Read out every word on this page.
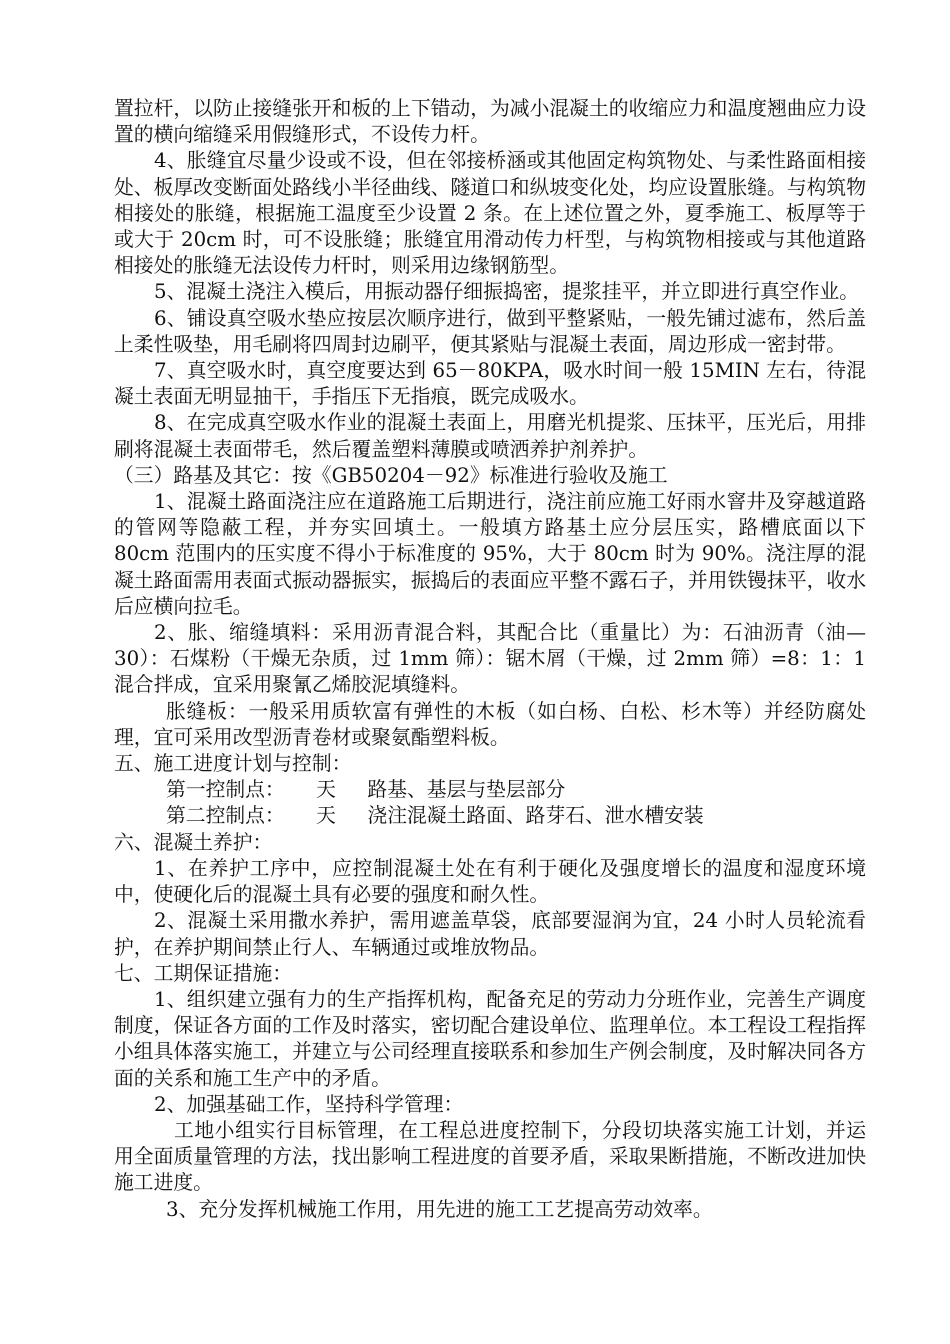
置拉杆，以防止接缝张开和板的上下错动，为减小混凝土的收缩应力和温度翘曲应力设置的横向缩缝采用假缝形式，不设传力杆。

4、胀缝宜尽量少设或不设，但在邻接桥涵或其他固定构筑物处、与柔性路面相接处、板厚改变断面处路线小半径曲线、隧道口和纵坡变化处，均应设置胀缝。与构筑物相接处的胀缝，根据施工温度至少设置 2 条。在上述位置之外，夏季施工、板厚等于或大于 20cm 时，可不设胀缝；胀缝宜用滑动传力杆型，与构筑物相接或与其他道路相接处的胀缝无法设传力杆时，则采用边缘钢筋型。

5、混凝土浇注入模后，用振动器仔细振捣密，提浆挂平，并立即进行真空作业。

6、铺设真空吸水垫应按层次顺序进行，做到平整紧贴，一般先铺过滤布，然后盖上柔性吸垫，用毛刷将四周封边刷平，便其紧贴与混凝土表面，周边形成一密封带。

7、真空吸水时，真空度要达到 65－80KPA，吸水时间一般 15MIN 左右，待混凝土表面无明显抽干，手指压下无指痕，既完成吸水。

8、在完成真空吸水作业的混凝土表面上，用磨光机提浆、压抹平，压光后，用排刷将混凝土表面带毛，然后覆盖塑料薄膜或喷洒养护剂养护。

（三）路基及其它：按《GB50204－92》标准进行验收及施工

1、混凝土路面浇注应在道路施工后期进行，浇注前应施工好雨水窨井及穿越道路的管网等隐蔽工程，并夯实回填土。一般填方路基土应分层压实，路槽底面以下 80cm 范围内的压实度不得小于标准度的 95%，大于 80cm 时为 90%。浇注厚的混凝土路面需用表面式振动器振实，振捣后的表面应平整不露石子，并用铁镘抹平，收水后应横向拉毛。

2、胀、缩缝填料：采用沥青混合料，其配合比（重量比）为：石油沥青（油—30）：石煤粉（干燥无杂质，过 1mm 筛）：锯木屑（干燥，过 2mm 筛）=8：1：1 混合拌成，宜采用聚氰乙烯胶泥填缝料。

胀缝板：一般采用质软富有弹性的木板（如白杨、白松、杉木等）并经防腐处理，宜可采用改型沥青卷材或聚氨酯塑料板。

五、施工进度计划与控制：

第一控制点： 天 路基、基层与垫层部分

第二控制点： 天 浇注混凝土路面、路芽石、泄水槽安装

六、混凝土养护：

1、在养护工序中，应控制混凝土处在有利于硬化及强度增长的温度和湿度环境中，使硬化后的混凝土具有必要的强度和耐久性。

2、混凝土采用撒水养护，需用遮盖草袋，底部要湿润为宜，24 小时人员轮流看护，在养护期间禁止行人、车辆通过或堆放物品。

七、工期保证措施：

1、组织建立强有力的生产指挥机构，配备充足的劳动力分班作业，完善生产调度制度，保证各方面的工作及时落实，密切配合建设单位、监理单位。本工程设工程指挥小组具体落实施工，并建立与公司经理直接联系和参加生产例会制度，及时解决同各方面的关系和施工生产中的矛盾。

2、加强基础工作，坚持科学管理：

工地小组实行目标管理，在工程总进度控制下，分段切块落实施工计划，并运用全面质量管理的方法，找出影响工程进度的首要矛盾，采取果断措施，不断改进加快施工进度。

3、充分发挥机械施工作用，用先进的施工工艺提高劳动效率。
